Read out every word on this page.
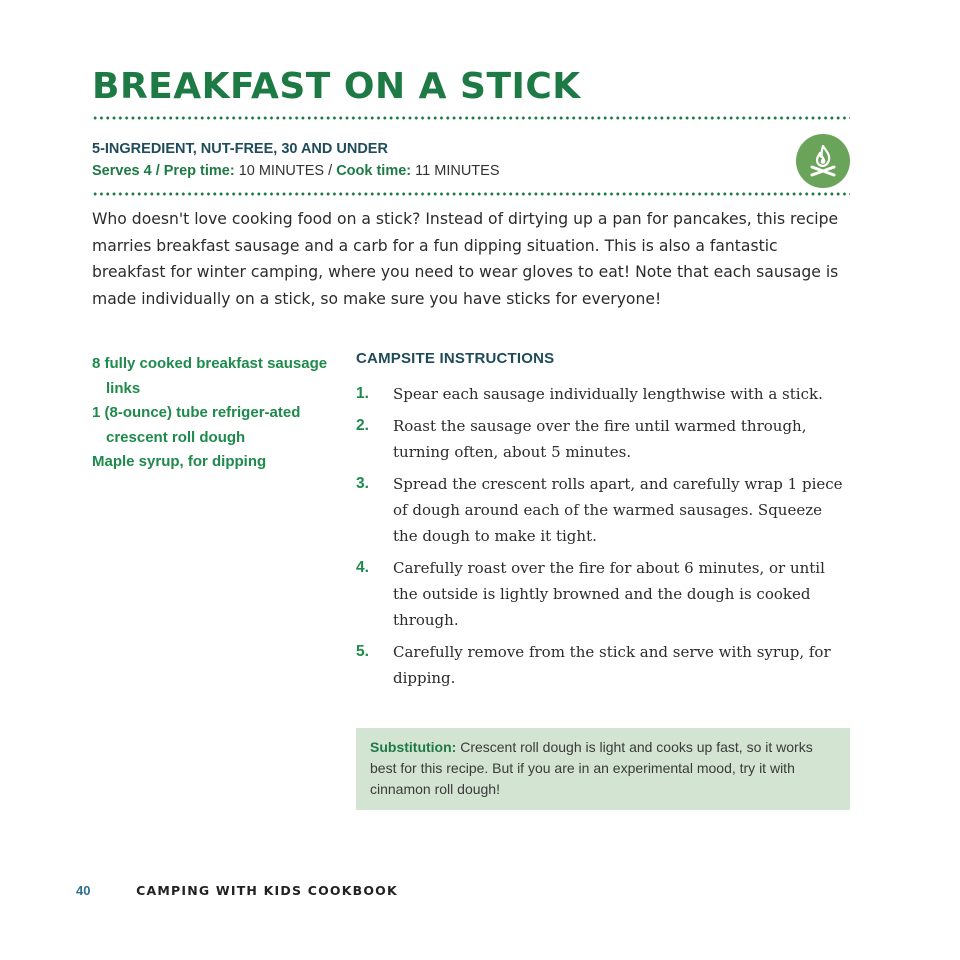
BREAKFAST ON A STICK
5-INGREDIENT, NUT-FREE, 30 AND UNDER
Serves 4 / Prep time: 10 MINUTES / Cook time: 11 MINUTES

Who doesn't love cooking food on a stick? Instead of dirtying up a pan for pancakes, this recipe marries breakfast sausage and a carb for a fun dipping situation. This is also a fantastic breakfast for winter camping, where you need to wear gloves to eat! Note that each sausage is made individually on a stick, so make sure you have sticks for everyone!

8 fully cooked breakfast sausage links
1 (8-ounce) tube refriger-ated crescent roll dough
Maple syrup, for dipping
CAMPSITE INSTRUCTIONS
1.	Spear each sausage individually lengthwise with a stick.
2.	Roast the sausage over the fire until warmed through, turning often, about 5 minutes.
3.	Spread the crescent rolls apart, and carefully wrap 1 piece of dough around each of the warmed sausages. Squeeze the dough to make it tight.
4.	Carefully roast over the fire for about 6 minutes, or until the outside is lightly browned and the dough is cooked through.
5.	Carefully remove from the stick and serve with syrup, for dipping.
Substitution: Crescent roll dough is light and cooks up fast, so it works best for this recipe. But if you are in an experimental mood, try it with cinnamon roll dough!
40	CAMPING WITH KIDS COOKBOOK
